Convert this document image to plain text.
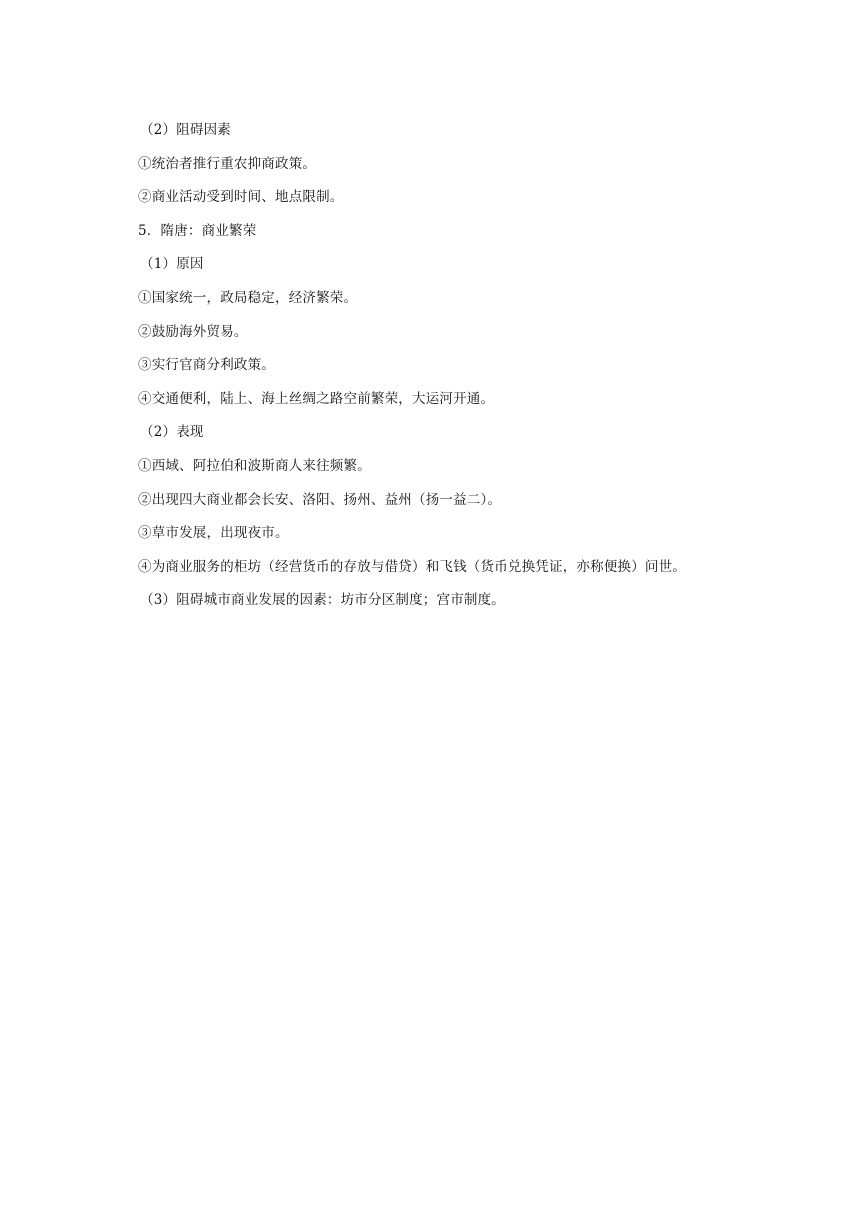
（2）阻碍因素
①统治者推行重农抑商政策。
②商业活动受到时间、地点限制。
5．隋唐：商业繁荣
（1）原因
①国家统一，政局稳定，经济繁荣。
②鼓励海外贸易。
③实行官商分利政策。
④交通便利，陆上、海上丝绸之路空前繁荣，大运河开通。
（2）表现
①西域、阿拉伯和波斯商人来往频繁。
②出现四大商业都会长安、洛阳、扬州、益州（扬一益二）。
③草市发展，出现夜市。
④为商业服务的柜坊（经营货币的存放与借贷）和飞钱（货币兑换凭证，亦称便换）问世。
（3）阻碍城市商业发展的因素：坊市分区制度；宫市制度。
